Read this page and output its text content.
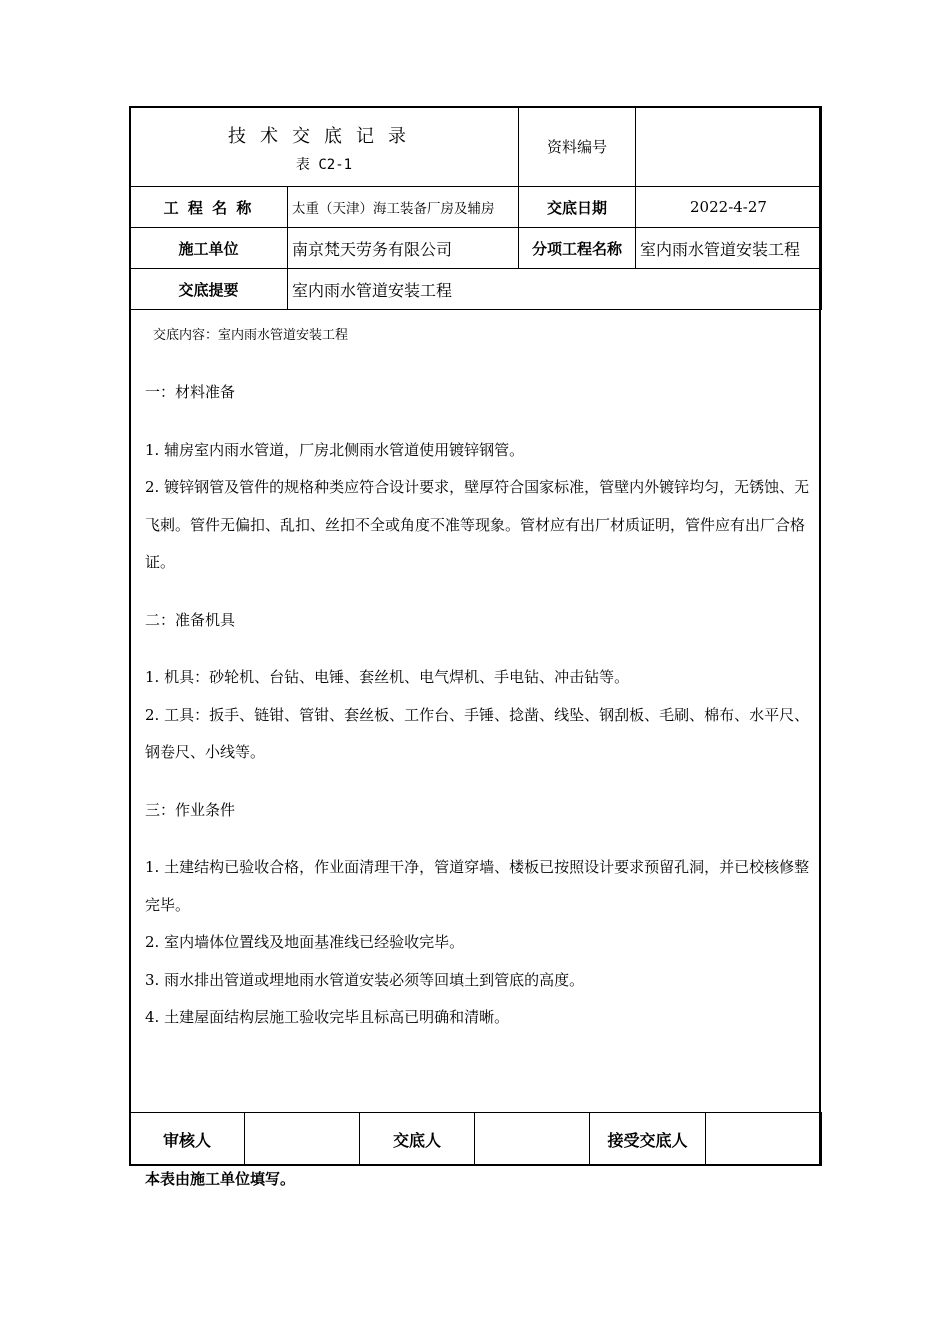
技术交底记录
表 C2-1		资料编号	
工 程 名 称	太重（天津）海工装备厂房及辅房	交底日期	2022-4-27
施工单位	南京梵天劳务有限公司	分项工程名称	室内雨水管道安装工程
交底提要	室内雨水管道安装工程		

交底内容：室内雨水管道安装工程

一：材料准备

1. 辅房室内雨水管道，厂房北侧雨水管道使用镀锌钢管。

2. 镀锌钢管及管件的规格种类应符合设计要求，壁厚符合国家标准，管壁内外镀锌均匀，无锈蚀、无飞刺。管件无偏扣、乱扣、丝扣不全或角度不准等现象。管材应有出厂材质证明，管件应有出厂合格证。

二：准备机具

1. 机具：砂轮机、台钻、电锤、套丝机、电气焊机、手电钻、冲击钻等。

2. 工具：扳手、链钳、管钳、套丝板、工作台、手锤、捻凿、线坠、钢刮板、毛刷、棉布、水平尺、钢卷尺、小线等。

三：作业条件

1. 土建结构已验收合格，作业面清理干净，管道穿墙、楼板已按照设计要求预留孔洞，并已校核修整完毕。

2. 室内墙体位置线及地面基准线已经验收完毕。

3. 雨水排出管道或埋地雨水管道安装必须等回填土到管底的高度。

4. 土建屋面结构层施工验收完毕且标高已明确和清晰。

审核人		交底人		接受交底人	
本表由施工单位填写。
